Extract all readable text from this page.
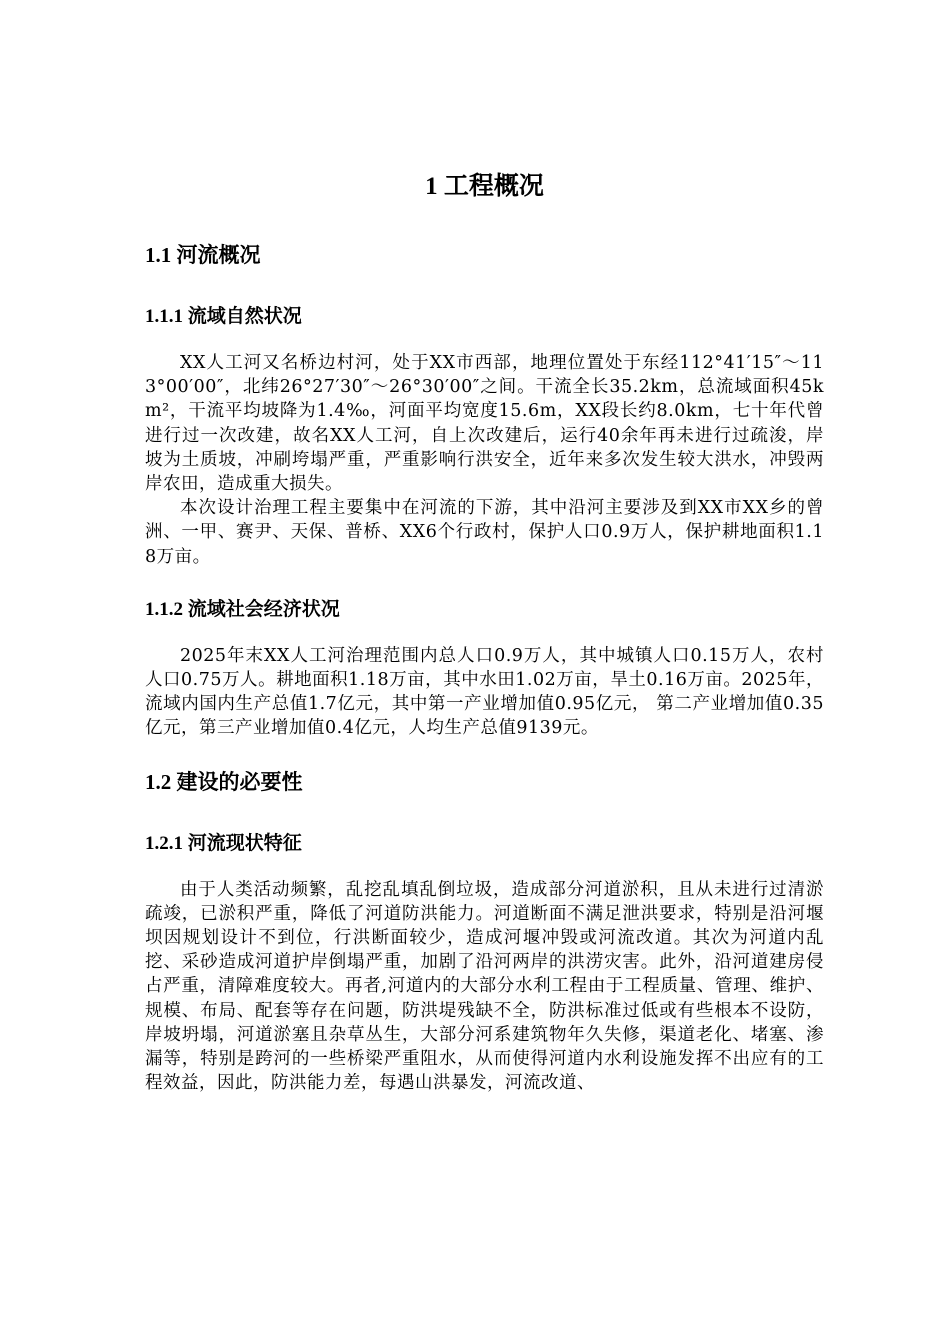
1 工程概况
1.1 河流概况
1.1.1 流域自然状况

XX人工河又名桥边村河，处于XX市西部，地理位置处于东经112°41′15″～113°00′00″，北纬26°27′30″～26°30′00″之间。干流全长35.2km，总流域面积45km²，干流平均坡降为1.4‰，河面平均宽度15.6m，XX段长约8.0km，七十年代曾进行过一次改建，故名XX人工河，自上次改建后，运行40余年再未进行过疏浚，岸坡为土质坡，冲刷垮塌严重，严重影响行洪安全，近年来多次发生较大洪水，冲毁两岸农田，造成重大损失。

本次设计治理工程主要集中在河流的下游，其中沿河主要涉及到XX市XX乡的曾洲、一甲、赛尹、天保、普桥、XX6个行政村，保护人口0.9万人，保护耕地面积1.18万亩。

1.1.2 流域社会经济状况

2025年末XX人工河治理范围内总人口0.9万人，其中城镇人口0.15万人，农村人口0.75万人。耕地面积1.18万亩，其中水田1.02万亩，旱土0.16万亩。2025年，流域内国内生产总值1.7亿元，其中第一产业增加值0.95亿元， 第二产业增加值0.35亿元，第三产业增加值0.4亿元，人均生产总值9139元。

1.2 建设的必要性
1.2.1 河流现状特征

由于人类活动频繁，乱挖乱填乱倒垃圾，造成部分河道淤积，且从未进行过清淤疏竣，已淤积严重，降低了河道防洪能力。河道断面不满足泄洪要求，特别是沿河堰坝因规划设计不到位，行洪断面较少，造成河堰冲毁或河流改道。其次为河道内乱挖、采砂造成河道护岸倒塌严重，加剧了沿河两岸的洪涝灾害。此外，沿河道建房侵占严重，清障难度较大。再者,河道内的大部分水利工程由于工程质量、管理、维护、规模、布局、配套等存在问题，防洪堤残缺不全，防洪标准过低或有些根本不设防，岸坡坍塌，河道淤塞且杂草丛生，大部分河系建筑物年久失修，渠道老化、堵塞、渗漏等，特别是跨河的一些桥梁严重阻水，从而使得河道内水利设施发挥不出应有的工程效益，因此，防洪能力差，每遇山洪暴发，河流改道、
